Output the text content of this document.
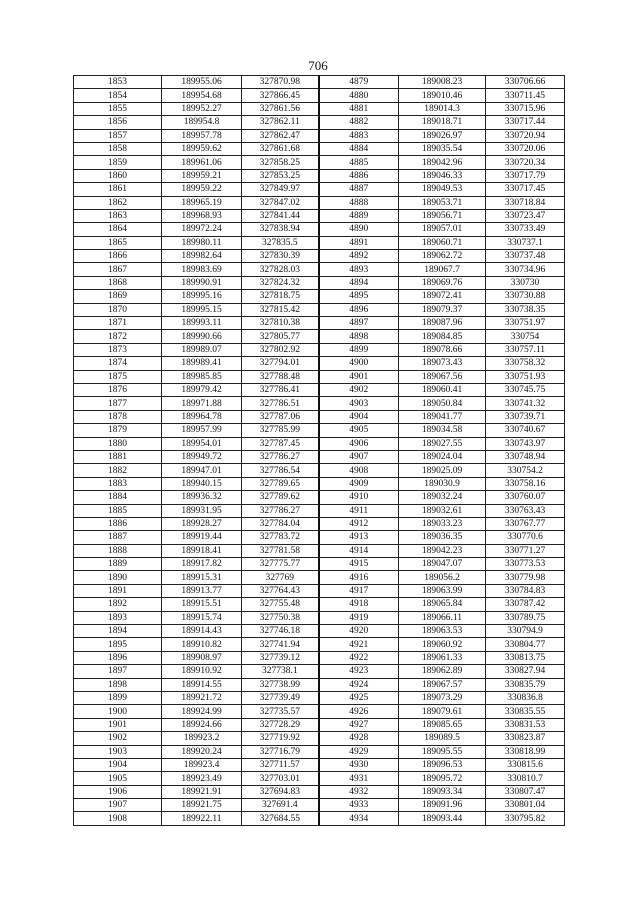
706
1853	189955.06	327870.98	4879	189008.23	330706.66
1854	189954.68	327866.45	4880	189010.46	330711.45
1855	189952.27	327861.56	4881	189014.3	330715.96
1856	189954.8	327862.11	4882	189018.71	330717.44
1857	189957.78	327862.47	4883	189026.97	330720.94
1858	189959.62	327861.68	4884	189035.54	330720.06
1859	189961.06	327858.25	4885	189042.96	330720.34
1860	189959.21	327853.25	4886	189046.33	330717.79
1861	189959.22	327849.97	4887	189049.53	330717.45
1862	189965.19	327847.02	4888	189053.71	330718.84
1863	189968.93	327841.44	4889	189056.71	330723.47
1864	189972.24	327838.94	4890	189057.01	330733.49
1865	189980.11	327835.5	4891	189060.71	330737.1
1866	189982.64	327830.39	4892	189062.72	330737.48
1867	189983.69	327828.03	4893	189067.7	330734.96
1868	189990.91	327824.32	4894	189069.76	330730
1869	189995.16	327818.75	4895	189072.41	330730.88
1870	189995.15	327815.42	4896	189079.37	330738.35
1871	189993.11	327810.38	4897	189087.96	330751.97
1872	189990.66	327805.77	4898	189084.85	330754
1873	189989.07	327802.92	4899	189078.66	330757.11
1874	189989.41	327794.01	4900	189073.43	330758.32
1875	189985.85	327788.48	4901	189067.56	330751.93
1876	189979.42	327786.41	4902	189060.41	330745.75
1877	189971.88	327786.51	4903	189050.84	330741.32
1878	189964.78	327787.06	4904	189041.77	330739.71
1879	189957.99	327785.99	4905	189034.58	330740.67
1880	189954.01	327787.45	4906	189027.55	330743.97
1881	189949.72	327786.27	4907	189024.04	330748.94
1882	189947.01	327786.54	4908	189025.09	330754.2
1883	189940.15	327789.65	4909	189030.9	330758.16
1884	189936.32	327789.62	4910	189032.24	330760.07
1885	189931.95	327786.27	4911	189032.61	330763.43
1886	189928.27	327784.04	4912	189033.23	330767.77
1887	189919.44	327783.72	4913	189036.35	330770.6
1888	189918.41	327781.58	4914	189042.23	330771.27
1889	189917.82	327775.77	4915	189047.07	330773.53
1890	189915.31	327769	4916	189056.2	330779.98
1891	189913.77	327764.43	4917	189063.99	330784.83
1892	189915.51	327755.48	4918	189065.84	330787.42
1893	189915.74	327750.38	4919	189066.11	330789.75
1894	189914.43	327746.18	4920	189063.53	330794.9
1895	189910.82	327741.94	4921	189060.92	330804.77
1896	189908.97	327739.12	4922	189061.33	330813.75
1897	189910.92	327738.1	4923	189062.89	330827.94
1898	189914.55	327738.99	4924	189067.57	330835.79
1899	189921.72	327739.49	4925	189073.29	330836.8
1900	189924.99	327735.57	4926	189079.61	330835.55
1901	189924.66	327728.29	4927	189085.65	330831.53
1902	189923.2	327719.92	4928	189089.5	330823.87
1903	189920.24	327716.79	4929	189095.55	330818.99
1904	189923.4	327711.57	4930	189096.53	330815.6
1905	189923.49	327703.01	4931	189095.72	330810.7
1906	189921.91	327694.83	4932	189093.34	330807.47
1907	189921.75	327691.4	4933	189091.96	330801.04
1908	189922.11	327684.55	4934	189093.44	330795.82
